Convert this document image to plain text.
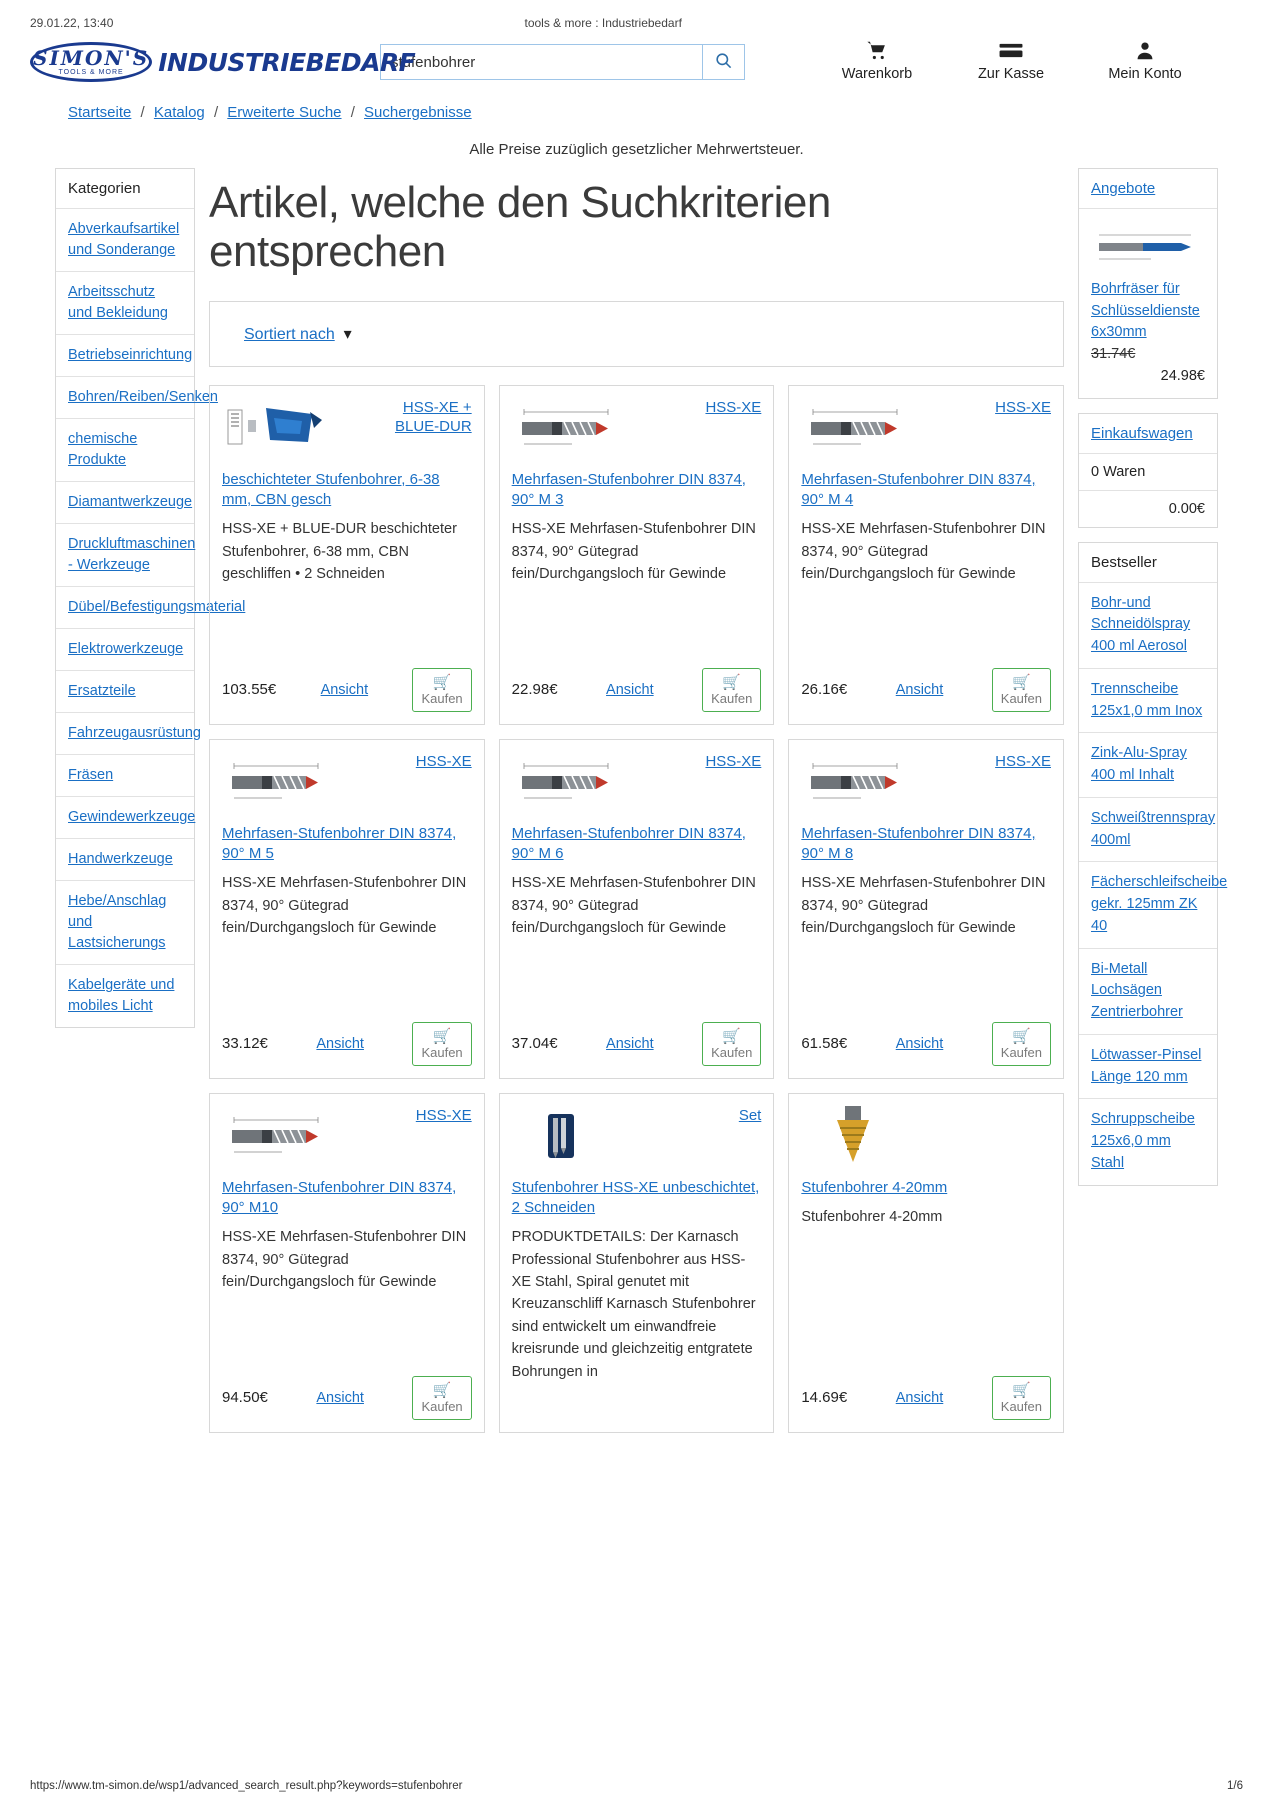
29.01.22, 13:40	tools & more : Industriebedarf
SIMON'S
TOOLS & MORE INDUSTRIEBEDARF
stufenbohrer	Warenkorb	Zur Kasse	Mein Konto
Startseite / Katalog / Erweiterte Suche / Suchergebnisse
Alle Preise zuzüglich gesetzlicher Mehrwertsteuer.
Kategorien
Abverkaufsartikel und Sonderange
Arbeitsschutz und Bekleidung
Betriebseinrichtung
Bohren/Reiben/Senken
chemische Produkte
Diamantwerkzeuge
Druckluftmaschinen - Werkzeuge
Dübel/Befestigungsmaterial
Elektrowerkzeuge
Ersatzteile
Fahrzeugausrüstung
Fräsen
Gewindewerkzeuge
Handwerkzeuge
Hebe/Anschlag und Lastsicherungs
Kabelgeräte und mobiles Licht
Artikel, welche den Suchkriterien entsprechen
Sortiert nach  ▾
HSS-XE + BLUE-DUR
beschichteter Stufenbohrer, 6-38 mm, CBN gesch
HSS-XE + BLUE-DUR beschichteter Stufenbohrer, 6-38 mm, CBN geschliffen • 2 Schneiden
103.55€	Ansicht	🛒
Kaufen
HSS-XE
Mehrfasen-Stufenbohrer DIN 8374, 90° M 3
HSS-XE Mehrfasen-Stufenbohrer DIN 8374, 90° Gütegrad fein/Durchgangsloch für Gewinde
22.98€	Ansicht	🛒
Kaufen
HSS-XE
Mehrfasen-Stufenbohrer DIN 8374, 90° M 4
HSS-XE Mehrfasen-Stufenbohrer DIN 8374, 90° Gütegrad fein/Durchgangsloch für Gewinde
26.16€	Ansicht	🛒
Kaufen
HSS-XE
Mehrfasen-Stufenbohrer DIN 8374, 90° M 5
HSS-XE Mehrfasen-Stufenbohrer DIN 8374, 90° Gütegrad fein/Durchgangsloch für Gewinde
33.12€	Ansicht	🛒
Kaufen
HSS-XE
Mehrfasen-Stufenbohrer DIN 8374, 90° M 6
HSS-XE Mehrfasen-Stufenbohrer DIN 8374, 90° Gütegrad fein/Durchgangsloch für Gewinde
37.04€	Ansicht	🛒
Kaufen
HSS-XE
Mehrfasen-Stufenbohrer DIN 8374, 90° M 8
HSS-XE Mehrfasen-Stufenbohrer DIN 8374, 90° Gütegrad fein/Durchgangsloch für Gewinde
61.58€	Ansicht	🛒
Kaufen
HSS-XE
Mehrfasen-Stufenbohrer DIN 8374, 90° M10
HSS-XE Mehrfasen-Stufenbohrer DIN 8374, 90° Gütegrad fein/Durchgangsloch für Gewinde
94.50€	Ansicht	🛒
Kaufen
Set
Stufenbohrer HSS-XE unbeschichtet, 2 Schneiden
PRODUKTDETAILS: Der Karnasch Professional Stufenbohrer aus HSS-XE Stahl, Spiral genutet mit Kreuzanschliff Karnasch Stufenbohrer sind entwickelt um einwandfreie kreisrunde und gleichzeitig entgratete Bohrungen in
Stufenbohrer 4-20mm
Stufenbohrer 4-20mm
14.69€	Ansicht	🛒
Kaufen
Angebote
Bohrfräser für Schlüsseldienste 6x30mm
31.74€
24.98€
Einkaufswagen
0 Waren
0.00€
Bestseller
Bohr-und Schneidölspray 400 ml Aerosol
Trennscheibe 125x1,0 mm Inox
Zink-Alu-Spray 400 ml Inhalt
Schweißtrennspray 400ml
Fächerschleifscheibe gekr. 125mm ZK 40
Bi-Metall Lochsägen Zentrierbohrer
Lötwasser-Pinsel Länge 120 mm
Schruppscheibe 125x6,0 mm Stahl
https://www.tm-simon.de/wsp1/advanced_search_result.php?keywords=stufenbohrer	1/6
